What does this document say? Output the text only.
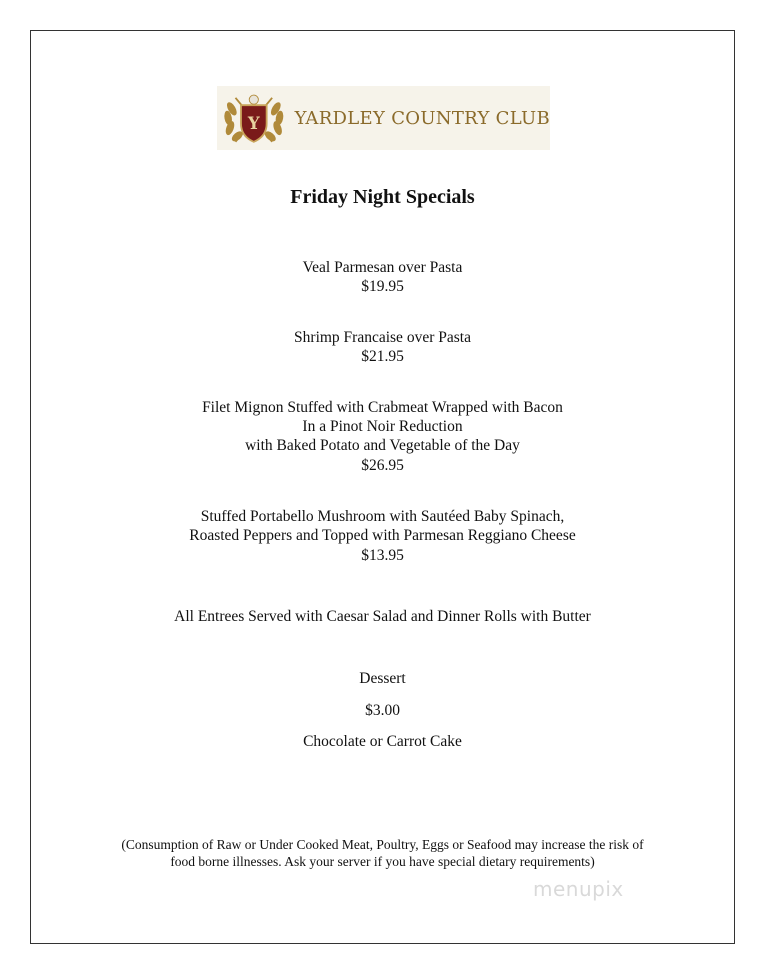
Y YARDLEY COUNTRY CLUB
Friday Night Specials
Veal Parmesan over Pasta
$19.95
Shrimp Francaise over Pasta
$21.95
Filet Mignon Stuffed with Crabmeat Wrapped with Bacon
In a Pinot Noir Reduction
with Baked Potato and Vegetable of the Day
$26.95
Stuffed Portabello Mushroom with Sautéed Baby Spinach,
Roasted Peppers and Topped with Parmesan Reggiano Cheese
$13.95
All Entrees Served with Caesar Salad and Dinner Rolls with Butter
Dessert
$3.00
Chocolate or Carrot Cake
(Consumption of Raw or Under Cooked Meat, Poultry, Eggs or Seafood may increase the risk of
food borne illnesses. Ask your server if you have special dietary requirements)
menupix
